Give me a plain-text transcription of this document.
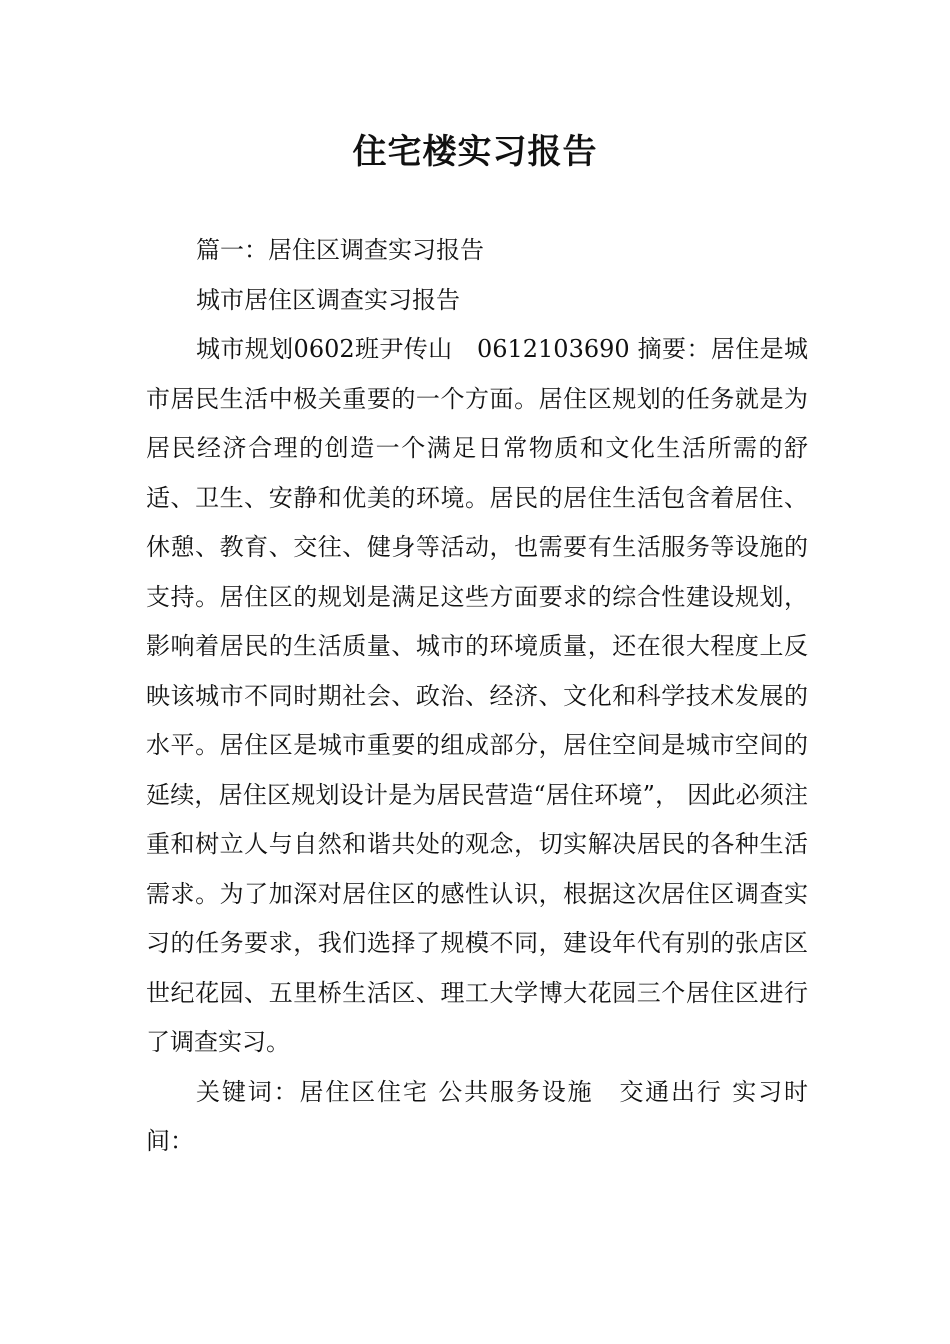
住宅楼实习报告

篇一：居住区调查实习报告

城市居住区调查实习报告

城市规划0602班尹传山　0612103690 摘要：居住是城市居民生活中极关重要的一个方面。居住区规划的任务就是为居民经济合理的创造一个满足日常物质和文化生活所需的舒适、卫生、安静和优美的环境。居民的居住生活包含着居住、休憩、教育、交往、健身等活动，也需要有生活服务等设施的支持。居住区的规划是满足这些方面要求的综合性建设规划，影响着居民的生活质量、城市的环境质量，还在很大程度上反映该城市不同时期社会、政治、经济、文化和科学技术发展的水平。居住区是城市重要的组成部分，居住空间是城市空间的延续，居住区规划设计是为居民营造“居住环境”， 因此必须注重和树立人与自然和谐共处的观念，切实解决居民的各种生活需求。为了加深对居住区的感性认识，根据这次居住区调查实习的任务要求，我们选择了规模不同，建设年代有别的张店区 世纪花园、五里桥生活区、理工大学博大花园三个居住区进行了调查实习。

关键词：居住区住宅 公共服务设施　交通出行 实习时间：
